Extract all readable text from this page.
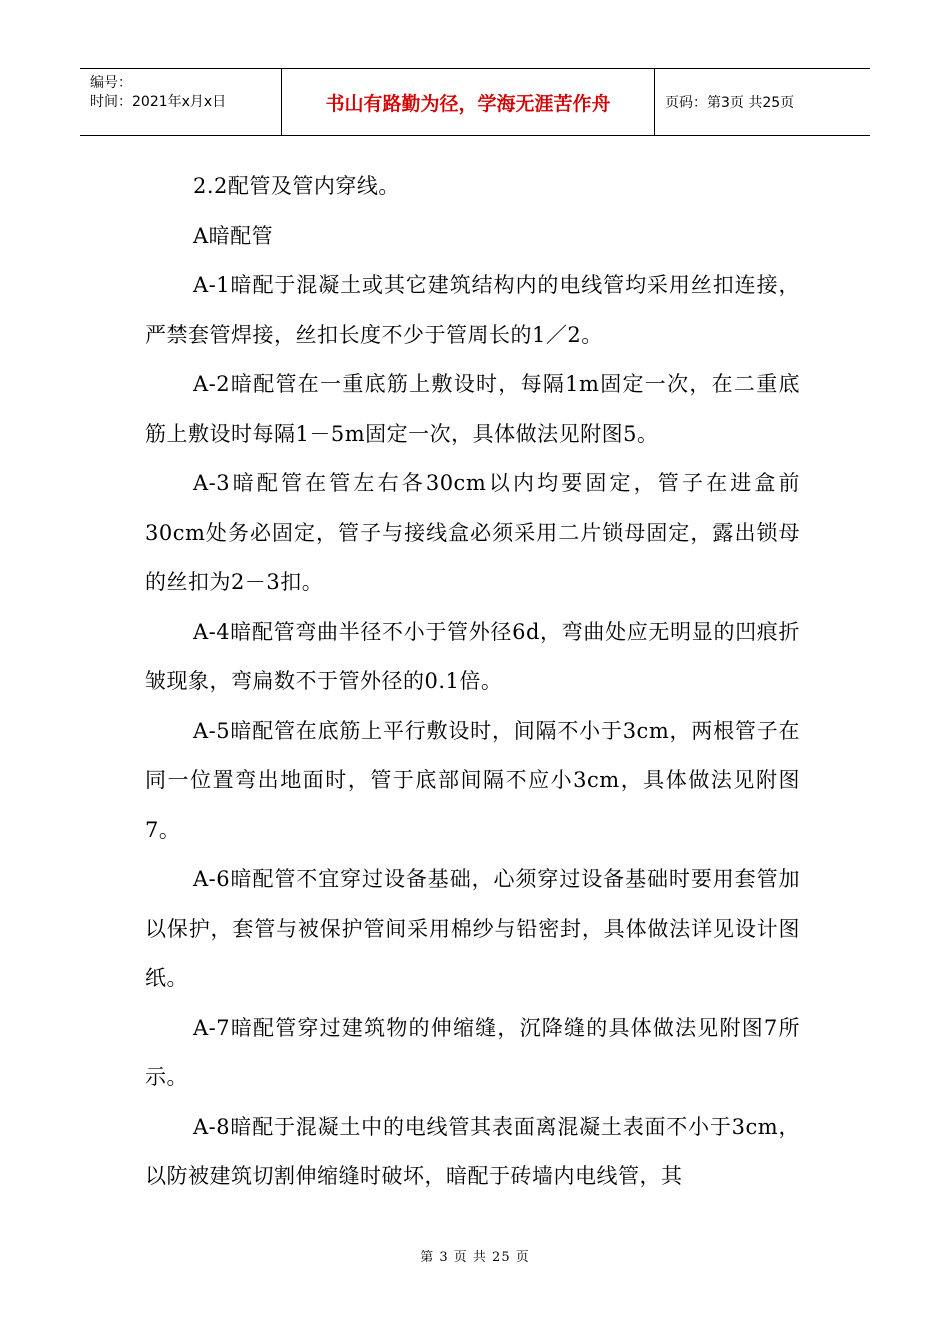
编号：
时间：2021年x月x日	书山有路勤为径，学海无涯苦作舟	页码：第3页 共25页

2.2配管及管内穿线。

A暗配管

A-1暗配于混凝土或其它建筑结构内的电线管均采用丝扣连接，严禁套管焊接，丝扣长度不少于管周长的1／2。

A-2暗配管在一重底筋上敷设时，每隔1m固定一次，在二重底筋上敷设时每隔1－5m固定一次，具体做法见附图5。

A-3暗配管在管左右各30cm以内均要固定，管子在进盒前30cm处务必固定，管子与接线盒必须采用二片锁母固定，露出锁母的丝扣为2－3扣。

A-4暗配管弯曲半径不小于管外径6d，弯曲处应无明显的凹痕折皱现象，弯扁数不于管外径的0.1倍。

A-5暗配管在底筋上平行敷设时，间隔不小于3cm，两根管子在同一位置弯出地面时，管于底部间隔不应小3cm，具体做法见附图7。

A-6暗配管不宜穿过设备基础，心须穿过设备基础时要用套管加以保护，套管与被保护管间采用棉纱与铅密封，具体做法详见设计图纸。

A-7暗配管穿过建筑物的伸缩缝，沉降缝的具体做法见附图7所示。

A-8暗配于混凝土中的电线管其表面离混凝土表面不小于3cm，以防被建筑切割伸缩缝时破坏，暗配于砖墙内电线管，其

第 3 页 共 25 页
